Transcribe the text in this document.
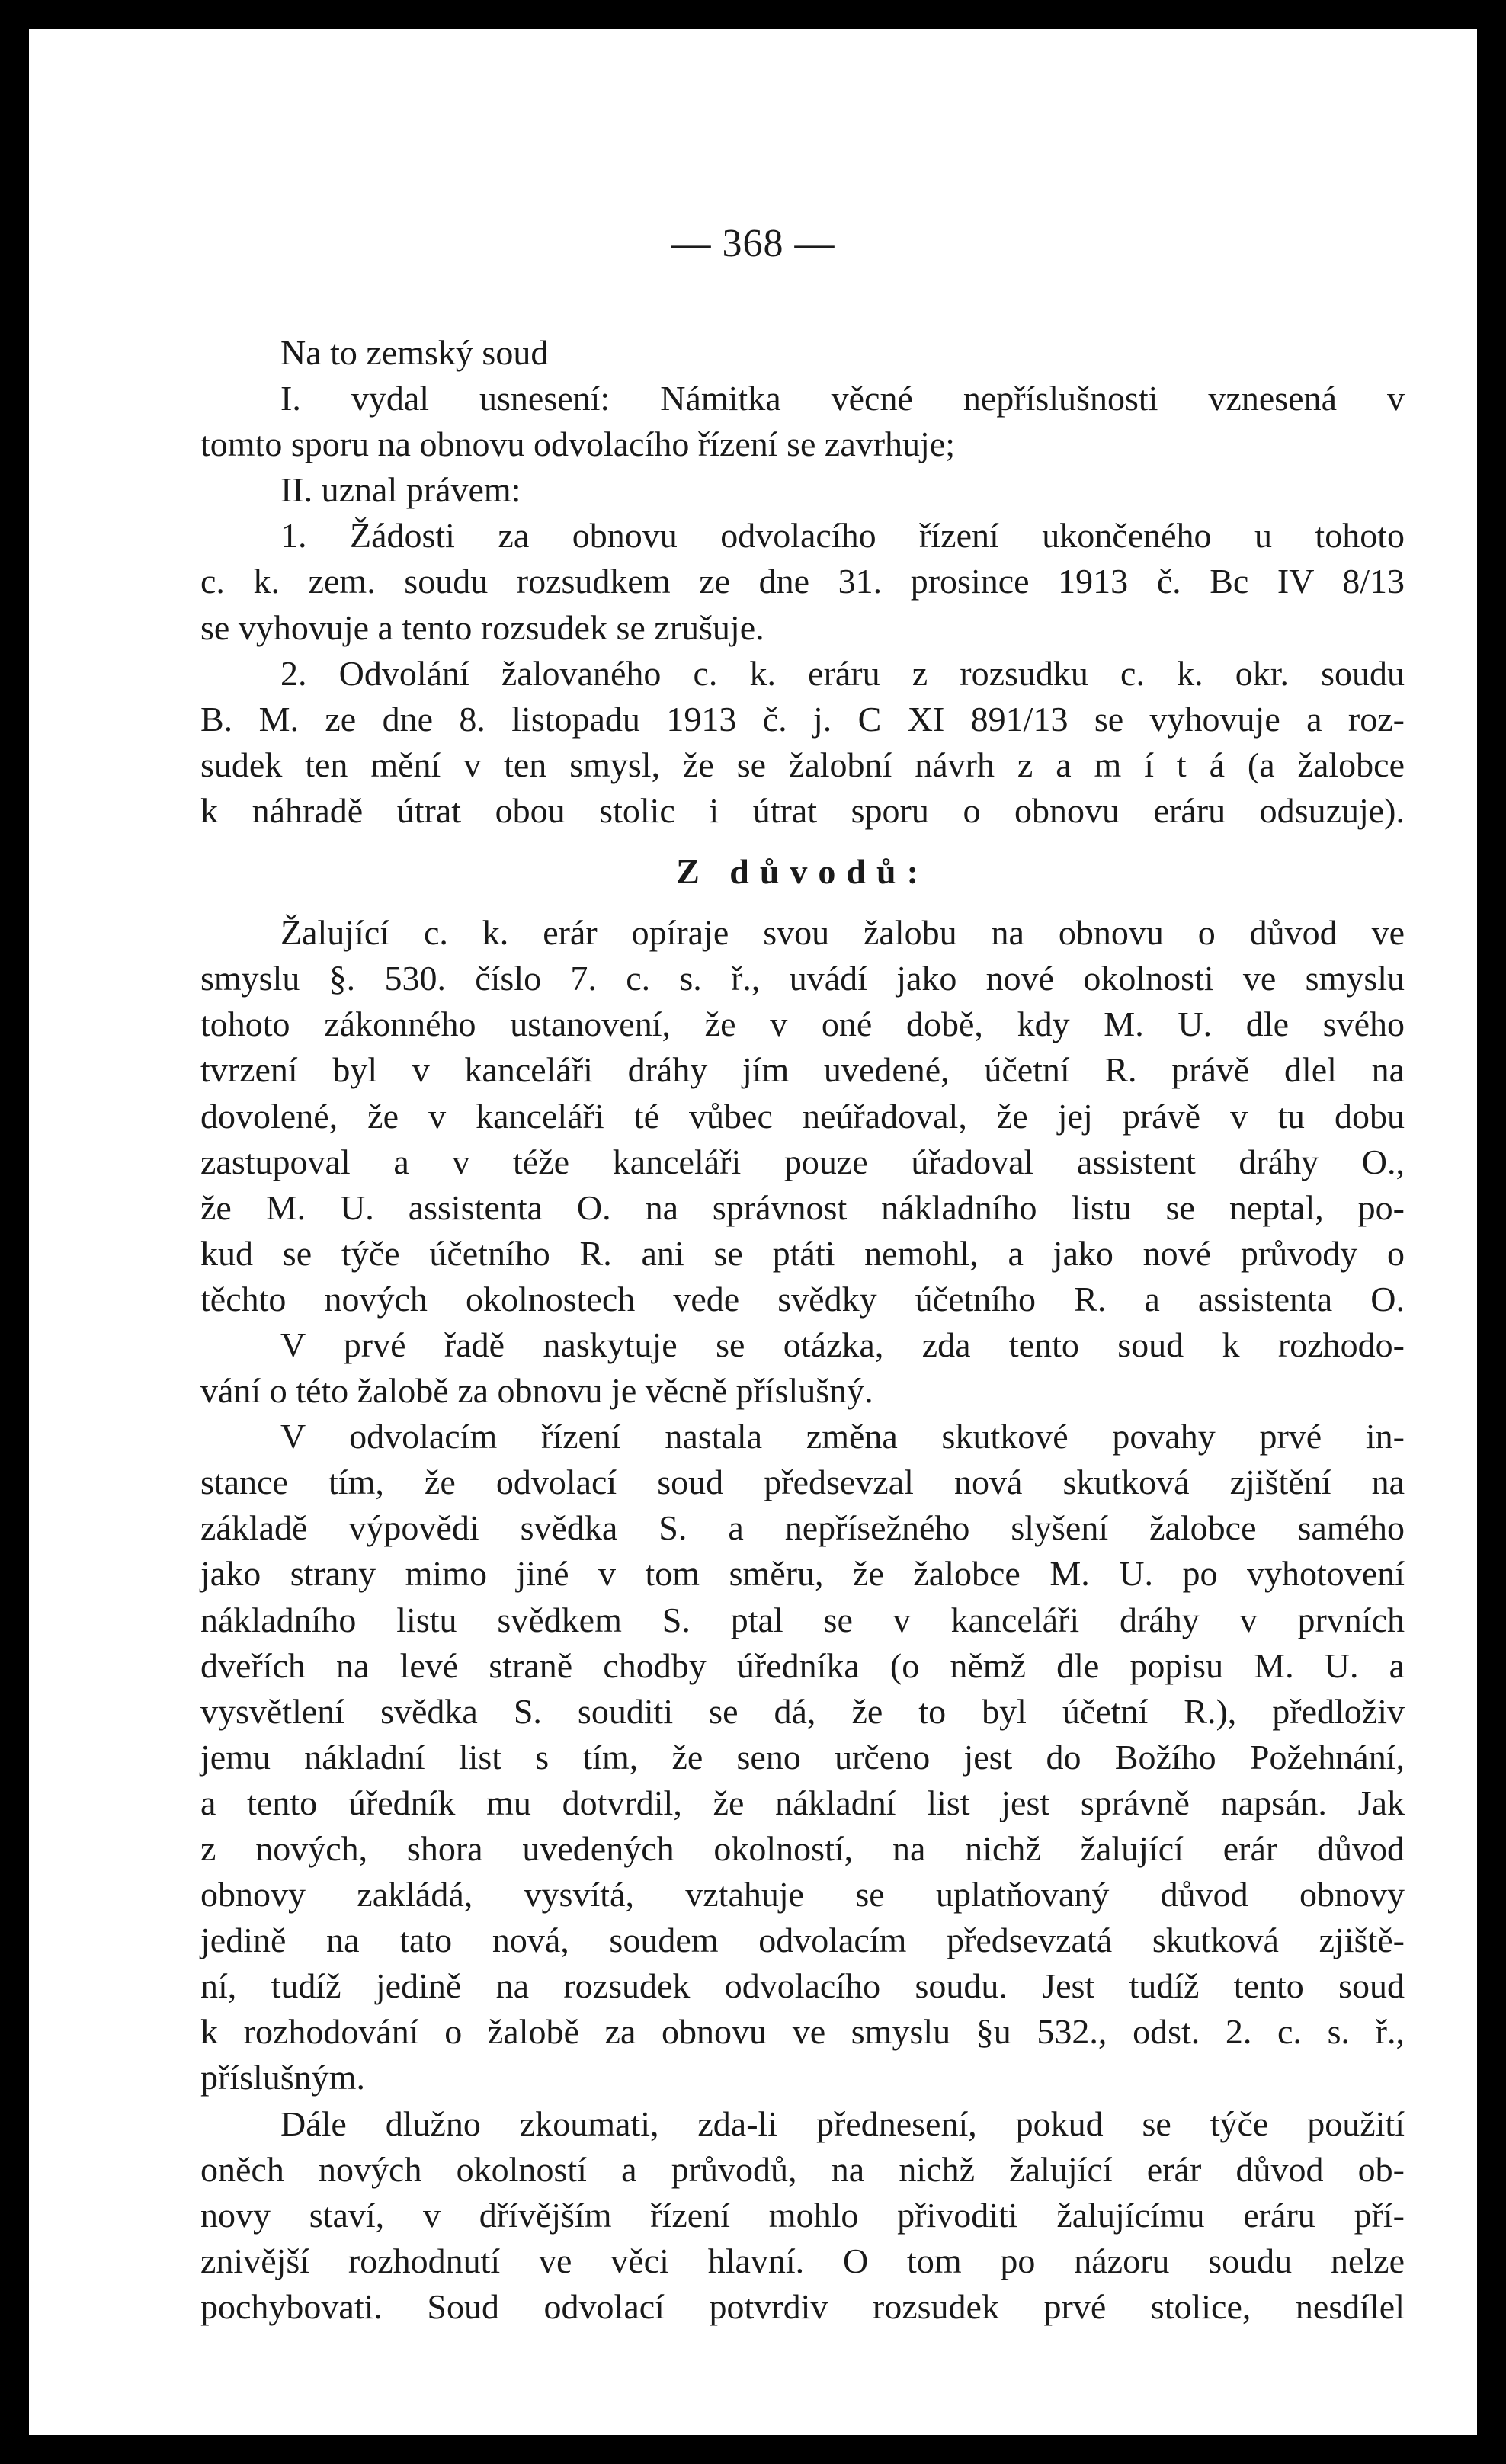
— 368 —

Na to zemský soud

I. vydal usnesení: Námitka věcné nepříslušnosti vznesená v

tomto sporu na obnovu odvolacího řízení se zavrhuje;

II. uznal právem:

1. Žádosti za obnovu odvolacího řízení ukončeného u tohoto

c. k. zem. soudu rozsudkem ze dne 31. prosince 1913 č. Bc IV 8/13

se vyhovuje a tento rozsudek se zrušuje.

2. Odvolání žalovaného c. k. eráru z rozsudku c. k. okr. soudu

B. M. ze dne 8. listopadu 1913 č. j. C XI 891/13 se vyhovuje a roz-

sudek ten mění v ten smysl, že se žalobní návrh z a m í t á (a žalobce

k náhradě útrat obou stolic i útrat sporu o obnovu eráru odsuzuje).

Z důvodů:

Žalující c. k. erár opíraje svou žalobu na obnovu o důvod ve

smyslu §. 530. číslo 7. c. s. ř., uvádí jako nové okolnosti ve smyslu

tohoto zákonného ustanovení, že v oné době, kdy M. U. dle svého

tvrzení byl v kanceláři dráhy jím uvedené, účetní R. právě dlel na

dovolené, že v kanceláři té vůbec neúřadoval, že jej právě v tu dobu

zastupoval a v téže kanceláři pouze úřadoval assistent dráhy O.,

že M. U. assistenta O. na správnost nákladního listu se neptal, po-

kud se týče účetního R. ani se ptáti nemohl, a jako nové průvody o

těchto nových okolnostech vede svědky účetního R. a assistenta O.

V prvé řadě naskytuje se otázka, zda tento soud k rozhodo-

vání o této žalobě za obnovu je věcně příslušný.

V odvolacím řízení nastala změna skutkové povahy prvé in-

stance tím, že odvolací soud předsevzal nová skutková zjištění na

základě výpovědi svědka S. a nepřísežného slyšení žalobce samého

jako strany mimo jiné v tom směru, že žalobce M. U. po vyhotovení

nákladního listu svědkem S. ptal se v kanceláři dráhy v prvních

dveřích na levé straně chodby úředníka (o němž dle popisu M. U. a

vysvětlení svědka S. souditi se dá, že to byl účetní R.), předloživ

jemu nákladní list s tím, že seno určeno jest do Božího Požehnání,

a tento úředník mu dotvrdil, že nákladní list jest správně napsán. Jak

z nových, shora uvedených okolností, na nichž žalující erár důvod

obnovy zakládá, vysvítá, vztahuje se uplatňovaný důvod obnovy

jedině na tato nová, soudem odvolacím předsevzatá skutková zjiště-

ní, tudíž jedině na rozsudek odvolacího soudu. Jest tudíž tento soud

k rozhodování o žalobě za obnovu ve smyslu §u 532., odst. 2. c. s. ř.,

příslušným.

Dále dlužno zkoumati, zda-li přednesení, pokud se týče použití

oněch nových okolností a průvodů, na nichž žalující erár důvod ob-

novy staví, v dřívějším řízení mohlo přivoditi žalujícímu eráru pří-

znivější rozhodnutí ve věci hlavní. O tom po názoru soudu nelze

pochybovati. Soud odvolací potvrdiv rozsudek prvé stolice, nesdílel
